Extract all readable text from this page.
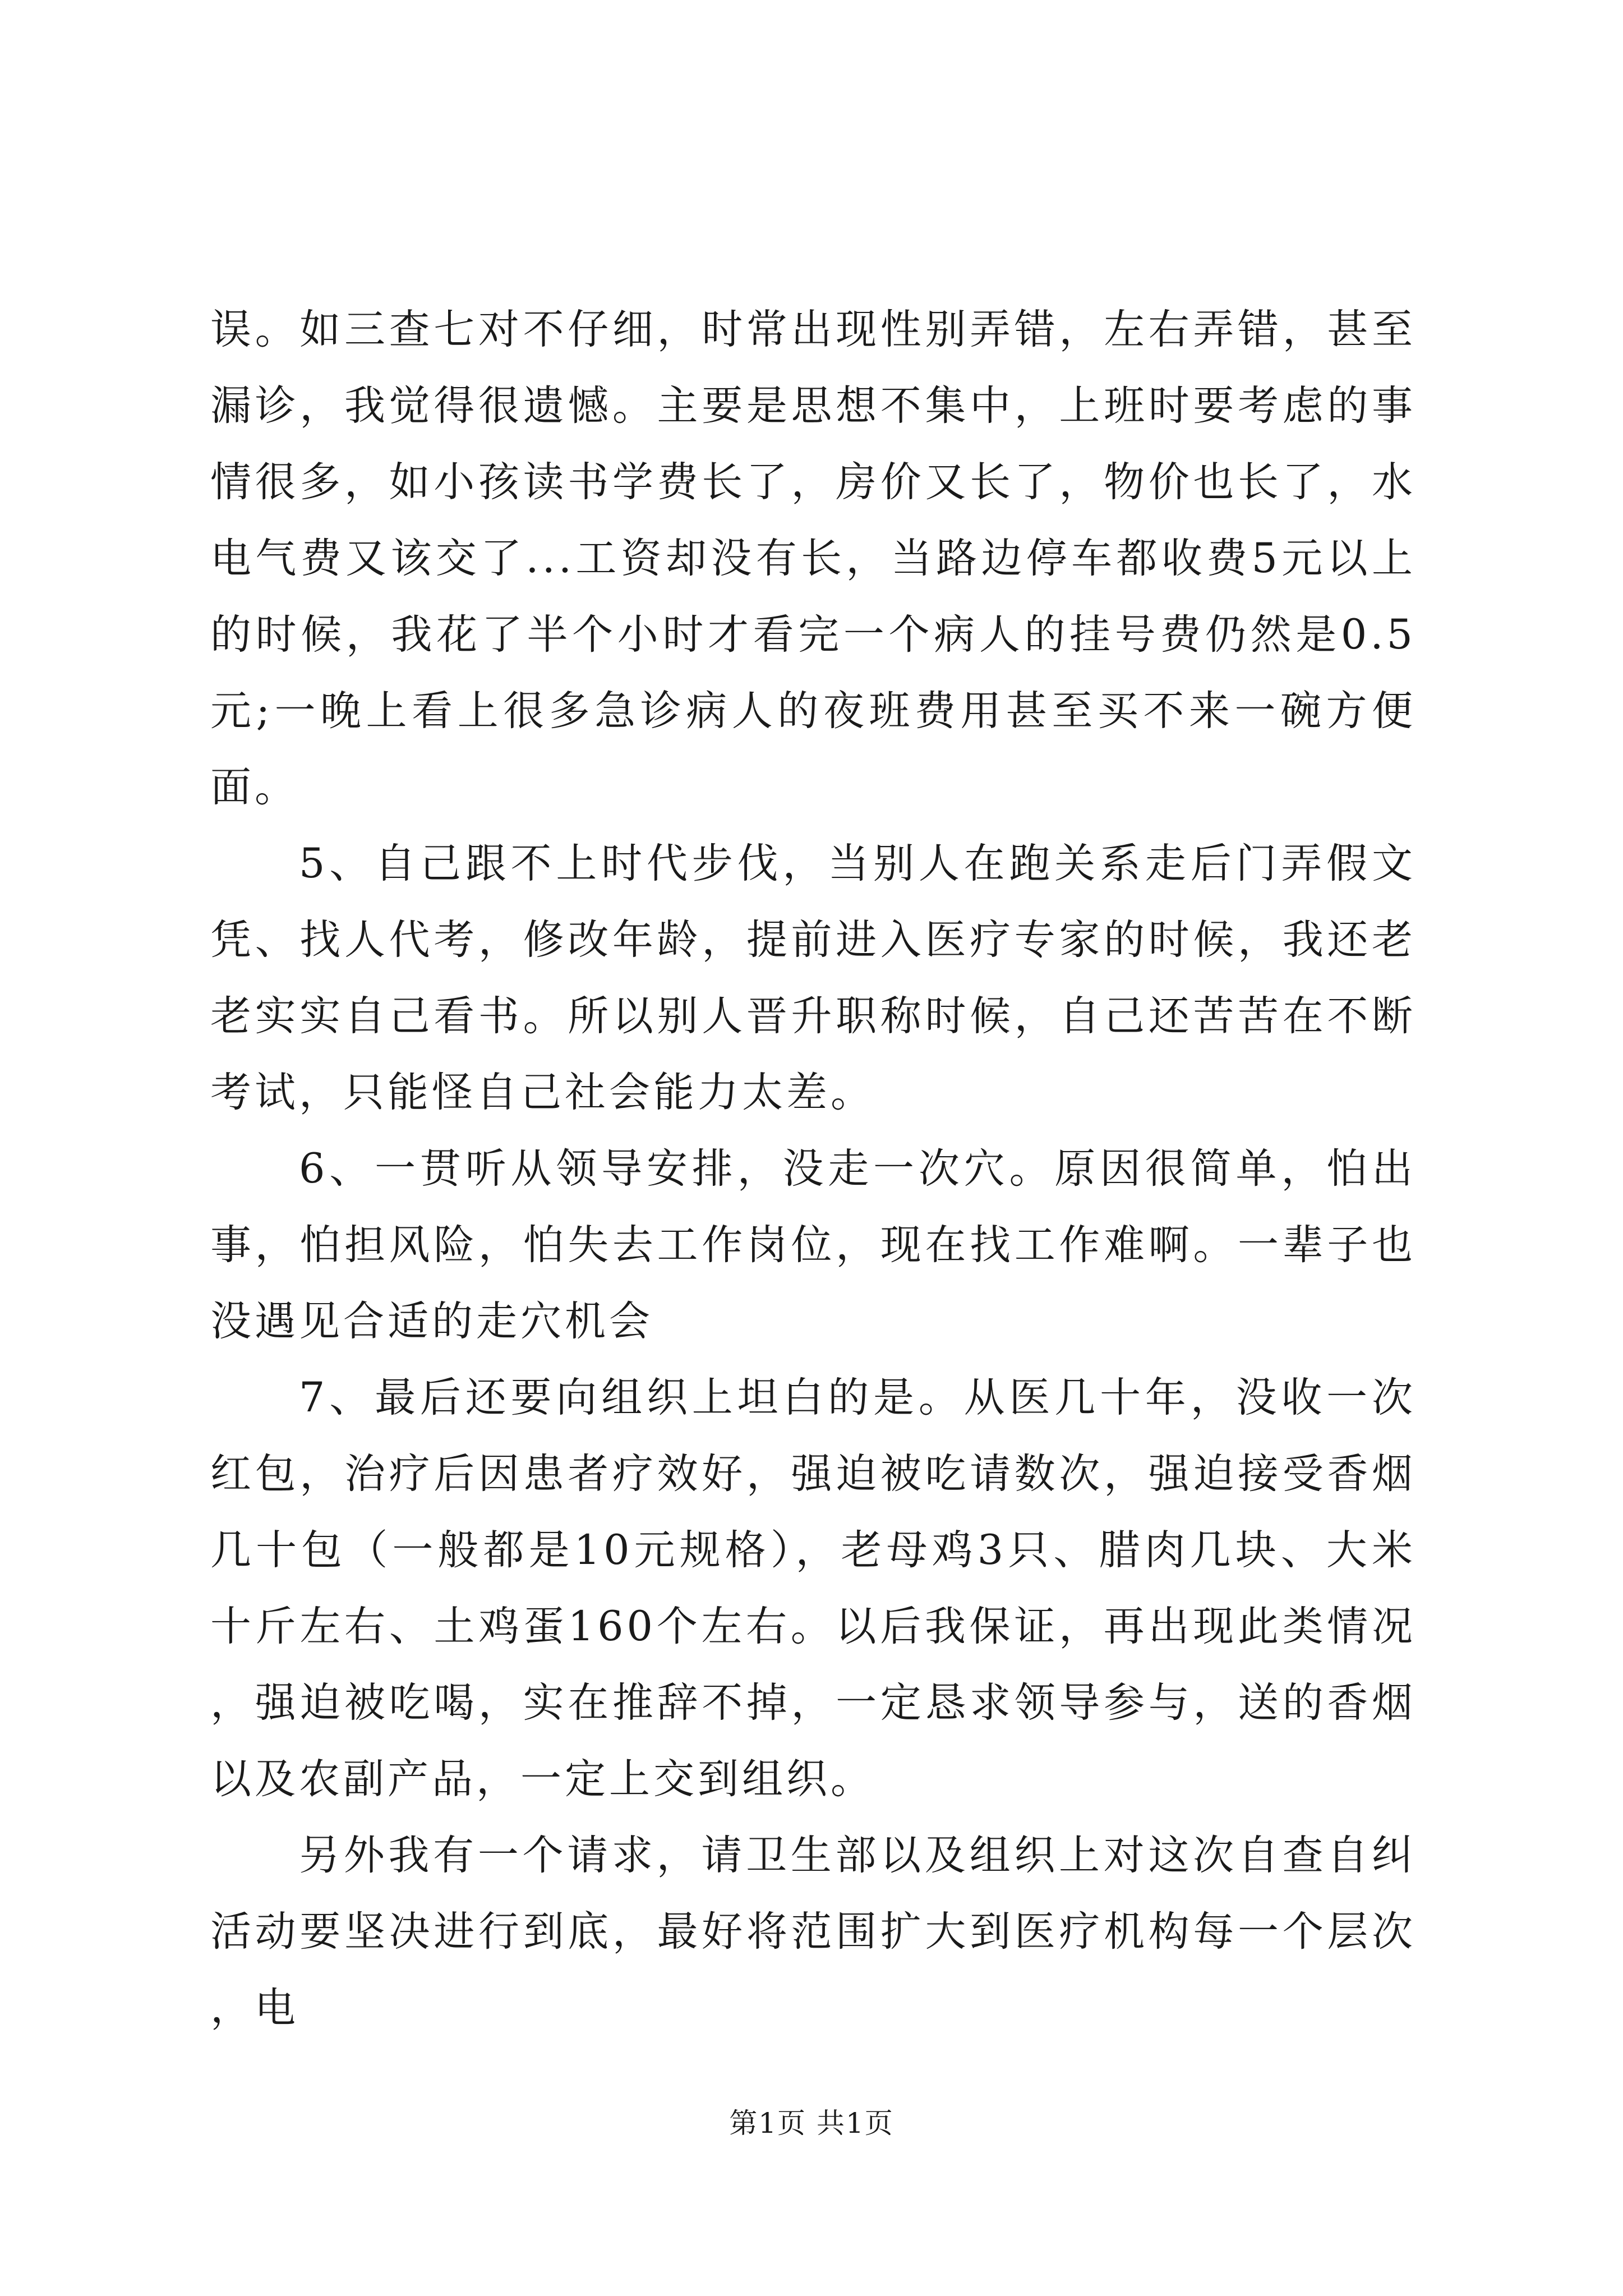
误。如三查七对不仔细，时常出现性别弄错，左右弄错，甚至漏诊，我觉得很遗憾。主要是思想不集中，上班时要考虑的事情很多，如小孩读书学费长了，房价又长了，物价也长了，水电气费又该交了...工资却没有长，当路边停车都收费5元以上的时候，我花了半个小时才看完一个病人的挂号费仍然是0.5元;一晚上看上很多急诊病人的夜班费用甚至买不来一碗方便面。

5、自己跟不上时代步伐，当别人在跑关系走后门弄假文凭、找人代考，修改年龄，提前进入医疗专家的时候，我还老老实实自己看书。所以别人晋升职称时候，自己还苦苦在不断考试，只能怪自己社会能力太差。

6、一贯听从领导安排，没走一次穴。原因很简单，怕出事，怕担风险，怕失去工作岗位，现在找工作难啊。一辈子也没遇见合适的走穴机会

7、最后还要向组织上坦白的是。从医几十年，没收一次红包，治疗后因患者疗效好，强迫被吃请数次，强迫接受香烟几十包（一般都是10元规格），老母鸡3只、腊肉几块、大米十斤左右、土鸡蛋160个左右。以后我保证，再出现此类情况，强迫被吃喝，实在推辞不掉，一定恳求领导参与，送的香烟以及农副产品，一定上交到组织。

另外我有一个请求，请卫生部以及组织上对这次自查自纠活动要坚决进行到底，最好将范围扩大到医疗机构每一个层次，电

第1页 共1页
